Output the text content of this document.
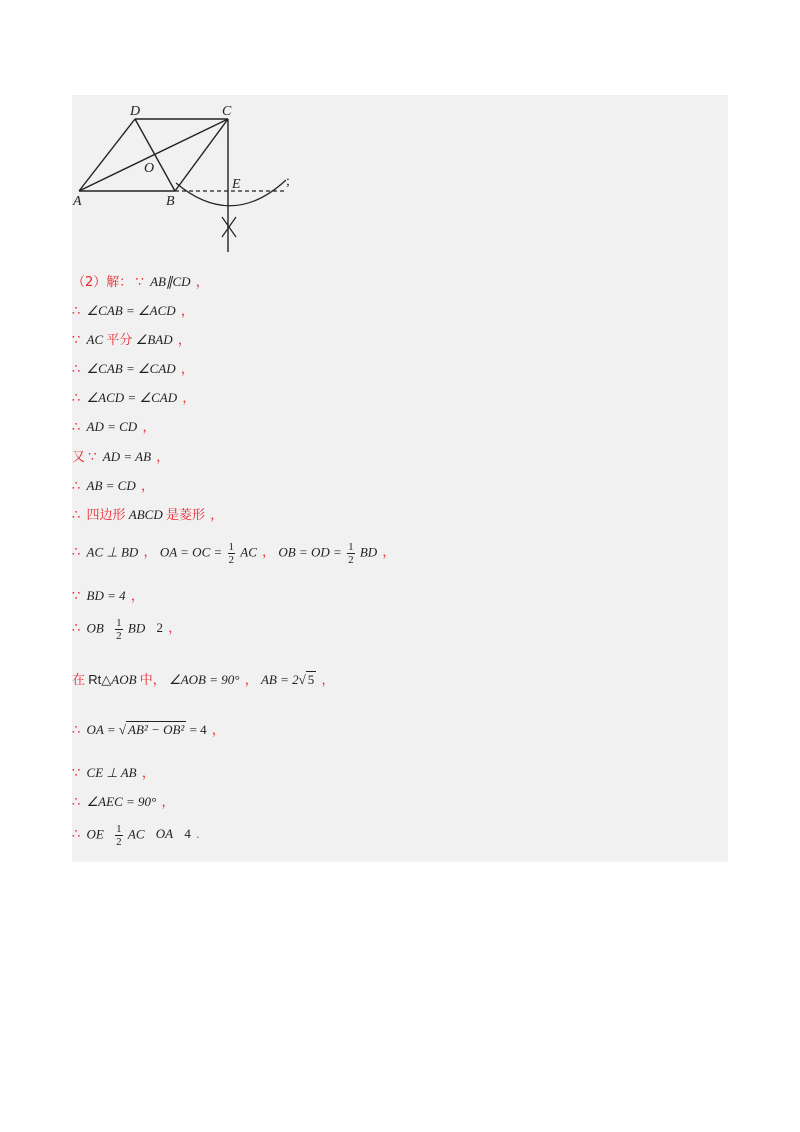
A	B
C
D
O
E	;
（2）解： ∵ AB∥CD ，
∴ ∠CAB = ∠ACD ，
∵ AC 平分 ∠BAD ，
∴ ∠CAB = ∠CAD ，
∴ ∠ACD = ∠CAD ，
∴ AD = CD ，
又 ∵ AD = AB ，
∴ AB = CD ，
∴ 四边形 ABCD 是菱形 ，
∴ AC ⊥ BD ， OA = OC = $\frac{1}{2}$ AC ， OB = OD = $\frac{1}{2}$ BD ，
∵ BD = 4 ，
∴ OB $\frac{1}{2}$ BD 2 ，
在 Rt△AOB 中， ∠AOB = 90° ， AB = 2√ 5 ，
∴ OA = √ AB² − OB² = 4 ，
∵ CE ⊥ AB ，
∴ ∠AEC = 90° ，
∴ OE $\frac{1}{2}$ AC OA 4 .
